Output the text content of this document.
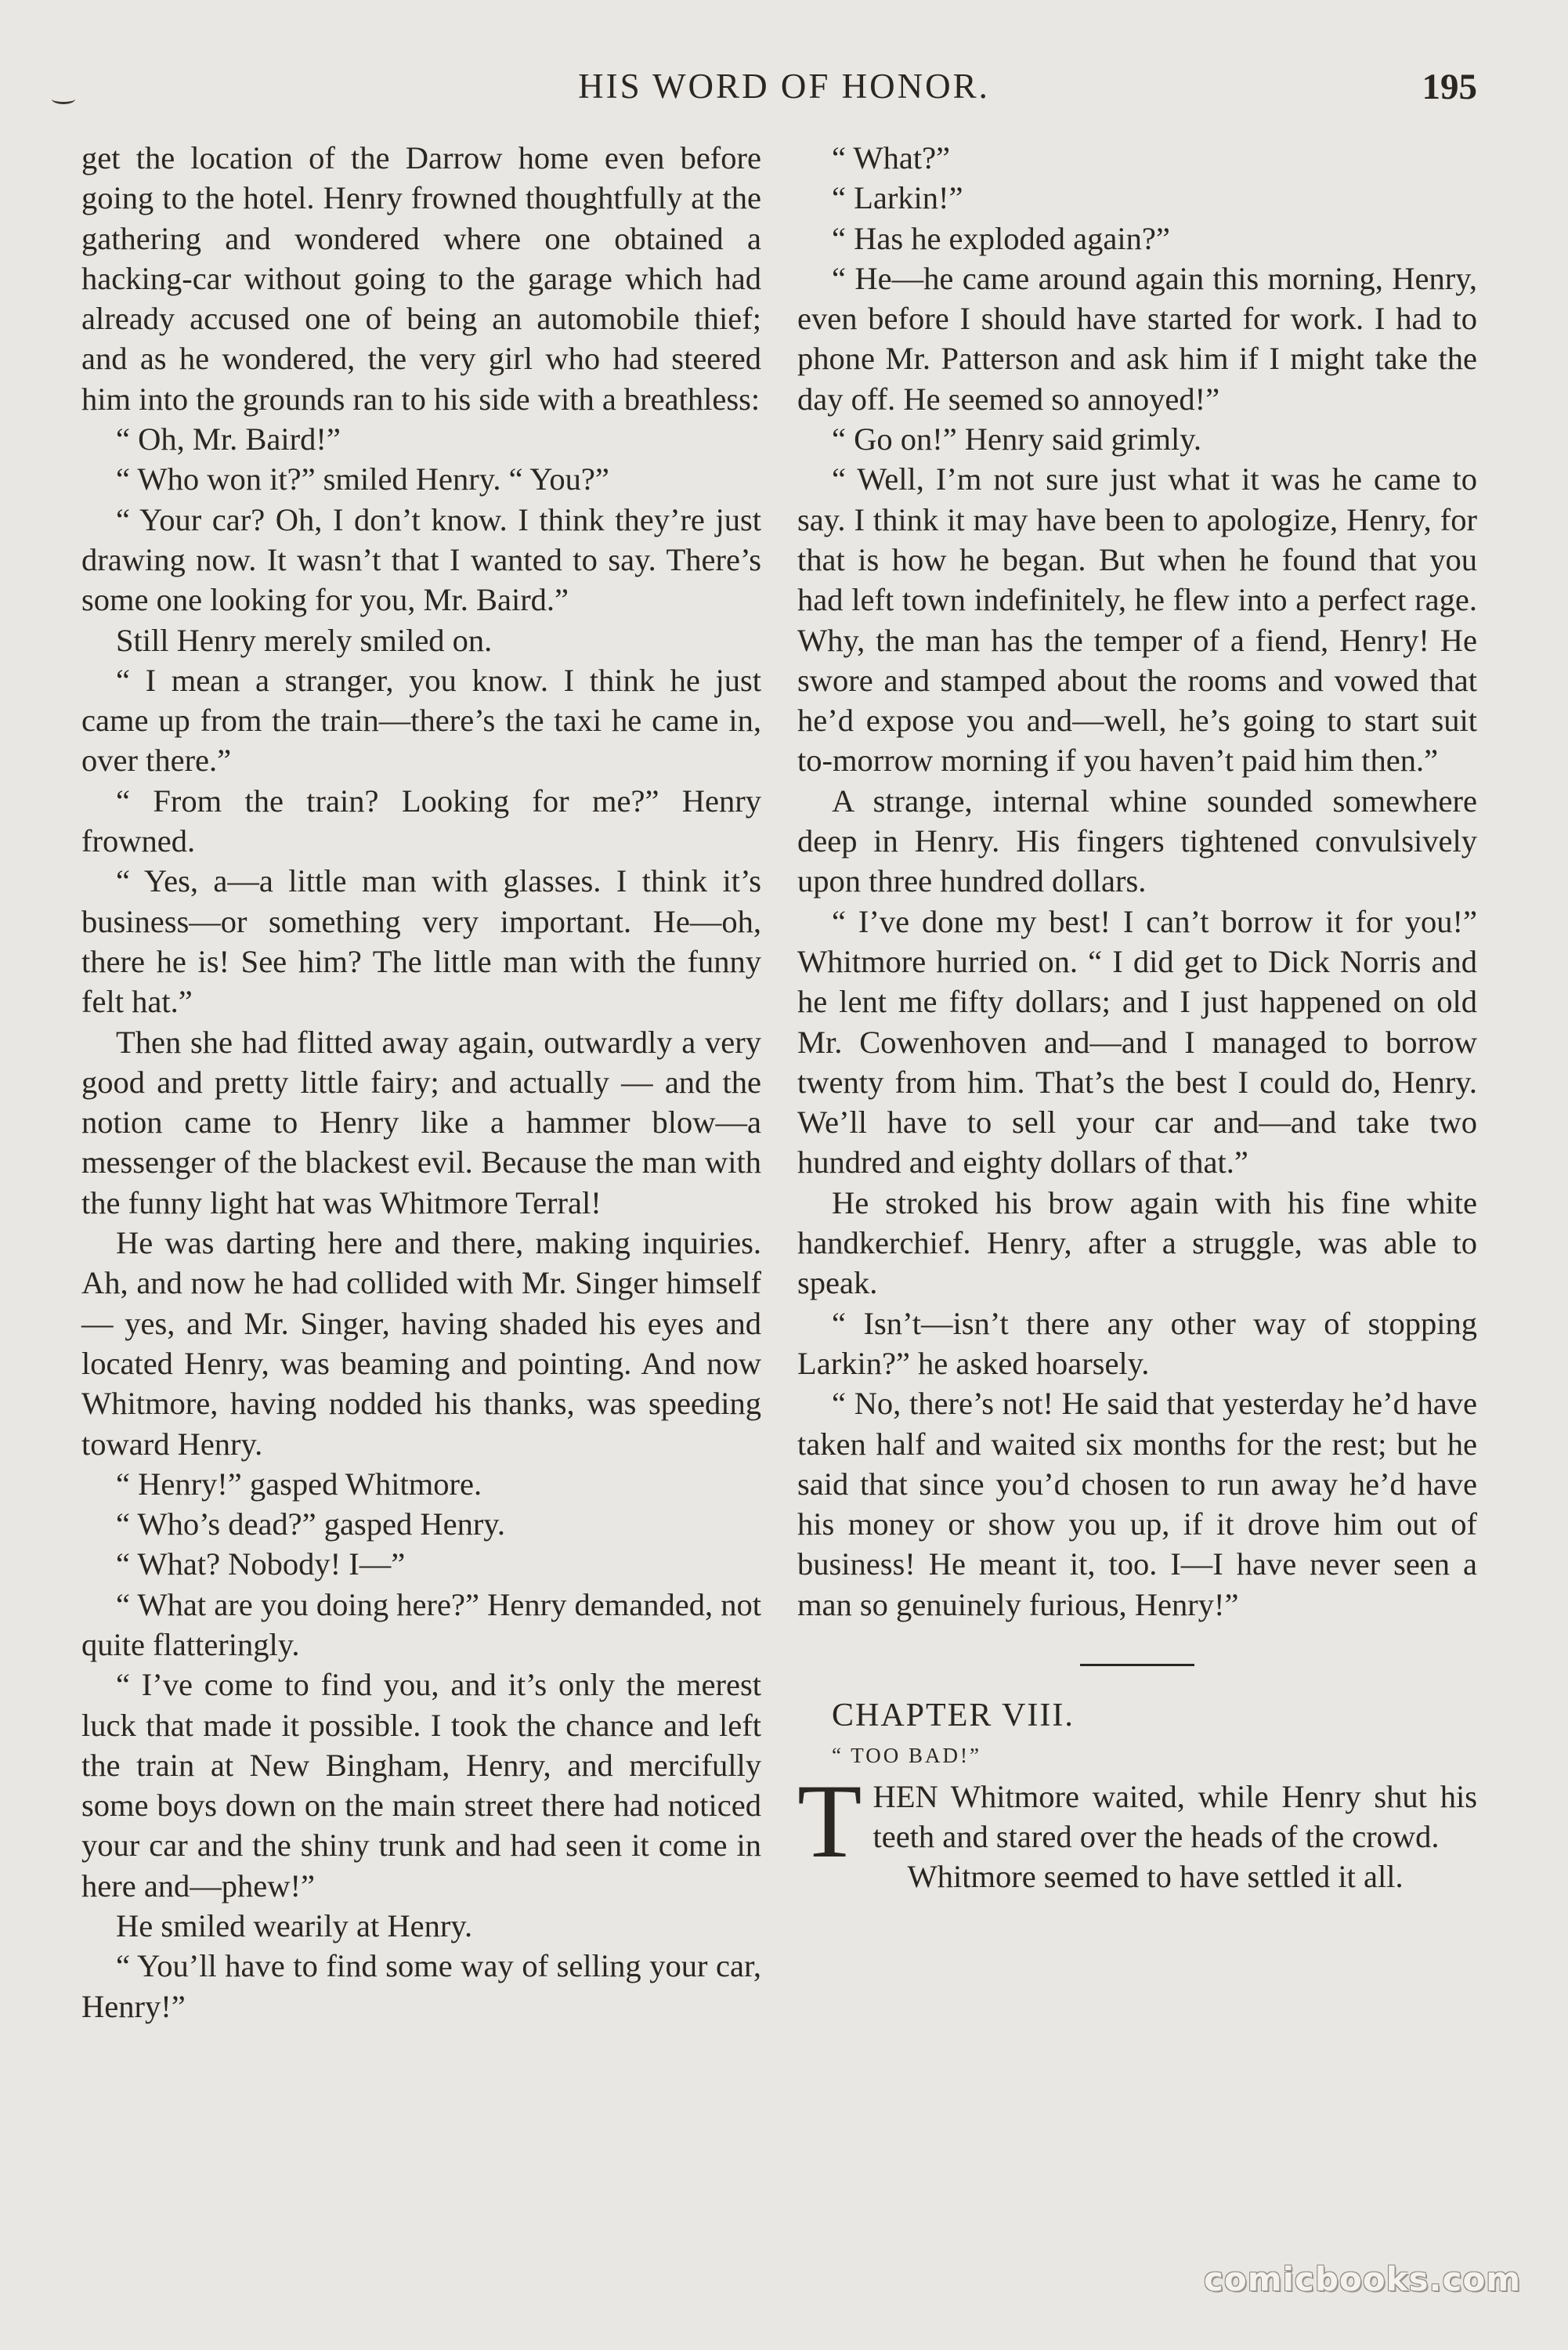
HIS WORD OF HONOR.	195

get the location of the Darrow home even before going to the hotel. Henry frowned thoughtfully at the gathering and wondered where one obtained a hacking-car without going to the garage which had already accused one of being an automobile thief; and as he wondered, the very girl who had steered him into the grounds ran to his side with a breathless:

“ Oh, Mr. Baird!”

“ Who won it?” smiled Henry. “ You?”

“ Your car? Oh, I don’t know. I think they’re just drawing now. It wasn’t that I wanted to say. There’s some one looking for you, Mr. Baird.”

Still Henry merely smiled on.

“ I mean a stranger, you know. I think he just came up from the train—there’s the taxi he came in, over there.”

“ From the train? Looking for me?” Henry frowned.

“ Yes, a—a little man with glasses. I think it’s business—or something very important. He—oh, there he is! See him? The little man with the funny felt hat.”

Then she had flitted away again, outwardly a very good and pretty little fairy; and actually — and the notion came to Henry like a hammer blow—a messenger of the blackest evil. Because the man with the funny light hat was Whitmore Terral!

He was darting here and there, making inquiries. Ah, and now he had collided with Mr. Singer himself — yes, and Mr. Singer, having shaded his eyes and located Henry, was beaming and pointing. And now Whitmore, having nodded his thanks, was speeding toward Henry.

“ Henry!” gasped Whitmore.

“ Who’s dead?” gasped Henry.

“ What? Nobody! I—”

“ What are you doing here?” Henry demanded, not quite flatteringly.

“ I’ve come to find you, and it’s only the merest luck that made it possible. I took the chance and left the train at New Bingham, Henry, and mercifully some boys down on the main street there had noticed your car and the shiny trunk and had seen it come in here and—phew!”

He smiled wearily at Henry.

“ You’ll have to find some way of selling your car, Henry!”

“ What?”

“ Larkin!”

“ Has he exploded again?”

“ He—he came around again this morning, Henry, even before I should have started for work. I had to phone Mr. Patterson and ask him if I might take the day off. He seemed so annoyed!”

“ Go on!” Henry said grimly.

“ Well, I’m not sure just what it was he came to say. I think it may have been to apologize, Henry, for that is how he began. But when he found that you had left town indefinitely, he flew into a perfect rage. Why, the man has the temper of a fiend, Henry! He swore and stamped about the rooms and vowed that he’d expose you and—well, he’s going to start suit to-morrow morning if you haven’t paid him then.”

A strange, internal whine sounded somewhere deep in Henry. His fingers tightened convulsively upon three hundred dollars.

“ I’ve done my best! I can’t borrow it for you!” Whitmore hurried on. “ I did get to Dick Norris and he lent me fifty dollars; and I just happened on old Mr. Cowenhoven and—and I managed to borrow twenty from him. That’s the best I could do, Henry. We’ll have to sell your car and—and take two hundred and eighty dollars of that.”

He stroked his brow again with his fine white handkerchief. Henry, after a struggle, was able to speak.

“ Isn’t—isn’t there any other way of stopping Larkin?” he asked hoarsely.

“ No, there’s not! He said that yesterday he’d have taken half and waited six months for the rest; but he said that since you’d chosen to run away he’d have his money or show you up, if it drove him out of business! He meant it, too. I—I have never seen a man so genuinely furious, Henry!”

CHAPTER VIII.

“ TOO BAD!”

THEN Whitmore waited, while Henry shut his teeth and stared over the heads of the crowd.

Whitmore seemed to have settled it all.

comicbooks.com
